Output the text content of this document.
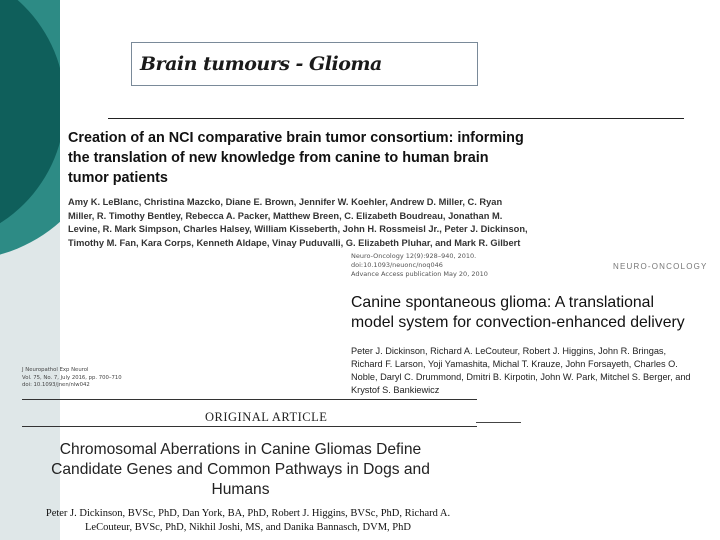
Brain tumours - Glioma
Creation of an NCI comparative brain tumor consortium: informing the translation of new knowledge from canine to human brain tumor patients
Amy K. LeBlanc, Christina Mazcko, Diane E. Brown, Jennifer W. Koehler, Andrew D. Miller, C. Ryan Miller, R. Timothy Bentley, Rebecca A. Packer, Matthew Breen, C. Elizabeth Boudreau, Jonathan M. Levine, R. Mark Simpson, Charles Halsey, William Kisseberth, John H. Rossmeisl Jr., Peter J. Dickinson, Timothy M. Fan, Kara Corps, Kenneth Aldape, Vinay Puduvalli, G. Elizabeth Pluhar, and Mark R. Gilbert
Neuro-Oncology 12(9):928–940, 2010.
doi:10.1093/neuonc/noq046
Advance Access publication May 20, 2010
NEURO-ONCOLOGY
Canine spontaneous glioma: A translational model system for convection-enhanced delivery
Peter J. Dickinson, Richard A. LeCouteur, Robert J. Higgins, John R. Bringas, Richard F. Larson, Yoji Yamashita, Michal T. Krauze, John Forsayeth, Charles O. Noble, Daryl C. Drummond, Dmitri B. Kirpotin, John W. Park, Mitchel S. Berger, and Krystof S. Bankiewicz
J Neuropathol Exp Neurol
Vol. 75, No. 7, July 2016, pp. 700–710
doi: 10.1093/jnen/nlw042
ORIGINAL ARTICLE
Chromosomal Aberrations in Canine Gliomas Define Candidate Genes and Common Pathways in Dogs and Humans
Peter J. Dickinson, BVSc, PhD, Dan York, BA, PhD, Robert J. Higgins, BVSc, PhD, Richard A. LeCouteur, BVSc, PhD, Nikhil Joshi, MS, and Danika Bannasch, DVM, PhD
